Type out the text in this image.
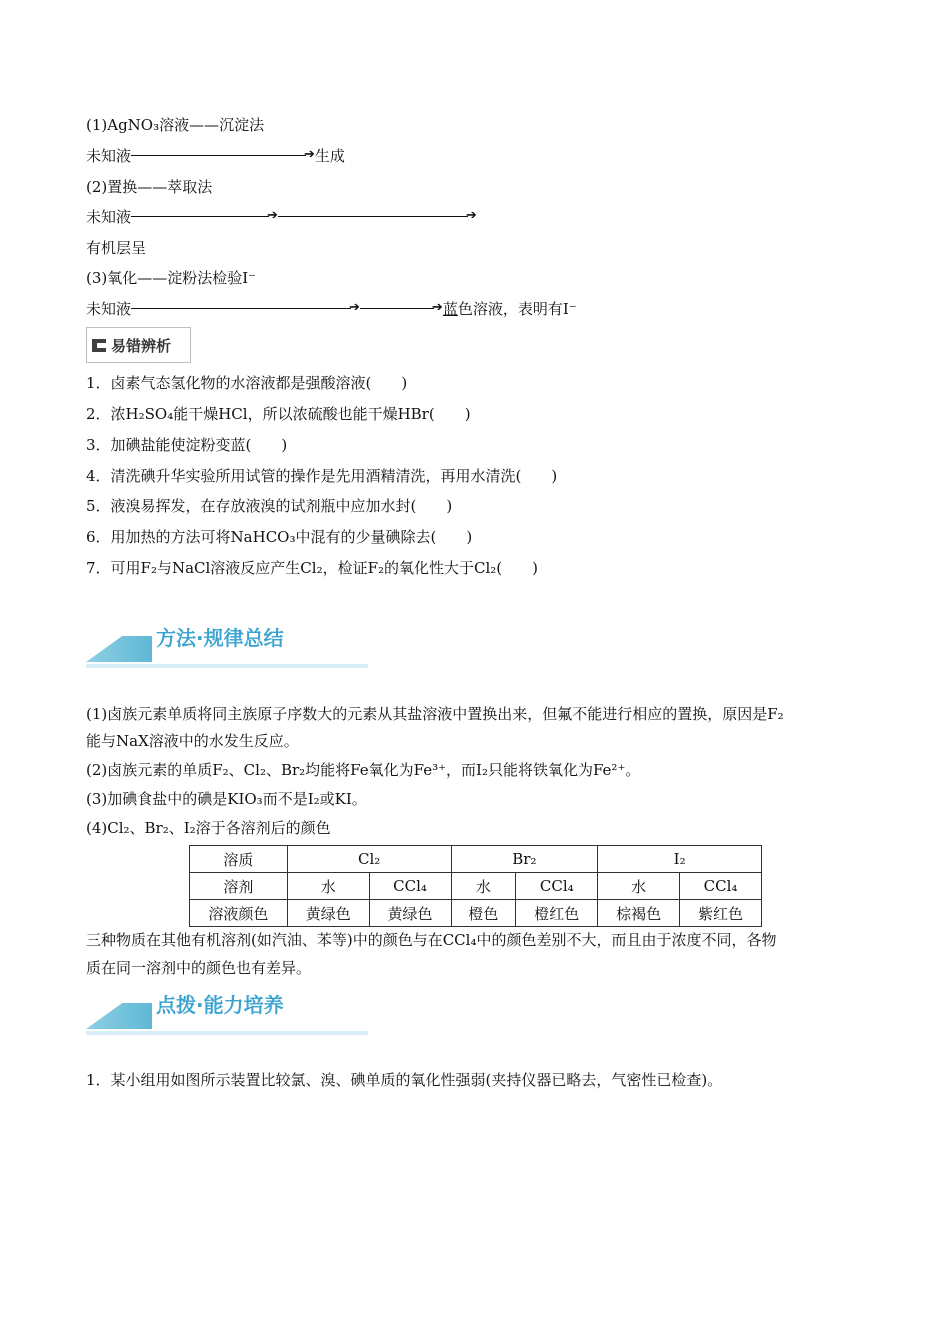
(1)AgNO₃溶液——沉淀法
未知液	➔生成
(2)置换——萃取法
未知液	➔	➔
有机层呈
(3)氧化——淀粉法检验I⁻
未知液	➔	➔蓝色溶液，表明有I⁻
易错辨析
1．卤素气态氢化物的水溶液都是强酸溶液(　　)
2．浓H₂SO₄能干燥HCl，所以浓硫酸也能干燥HBr(　　)
3．加碘盐能使淀粉变蓝(　　)
4．清洗碘升华实验所用试管的操作是先用酒精清洗，再用水清洗(　　)
5．液溴易挥发，在存放液溴的试剂瓶中应加水封(　　)
6．用加热的方法可将NaHCO₃中混有的少量碘除去(　　)
7．可用F₂与NaCl溶液反应产生Cl₂，检证F₂的氧化性大于Cl₂(　　)
方法·规律总结
(1)卤族元素单质将同主族原子序数大的元素从其盐溶液中置换出来，但氟不能进行相应的置换，原因是F₂
能与NaX溶液中的水发生反应。
(2)卤族元素的单质F₂、Cl₂、Br₂均能将Fe氧化为Fe³⁺，而I₂只能将铁氧化为Fe²⁺。
(3)加碘食盐中的碘是KIO₃而不是I₂或KI。
(4)Cl₂、Br₂、I₂溶于各溶剂后的颜色
溶质	Cl₂		Br₂		I₂	
溶剂	水	CCl₄	水	CCl₄	水	CCl₄
溶液颜色	黄绿色	黄绿色	橙色	橙红色	棕褐色	紫红色
三种物质在其他有机溶剂(如汽油、苯等)中的颜色与在CCl₄中的颜色差别不大，而且由于浓度不同，各物
质在同一溶剂中的颜色也有差异。
点拨·能力培养
1．某小组用如图所示装置比较氯、溴、碘单质的氧化性强弱(夹持仪器已略去，气密性已检查)。
